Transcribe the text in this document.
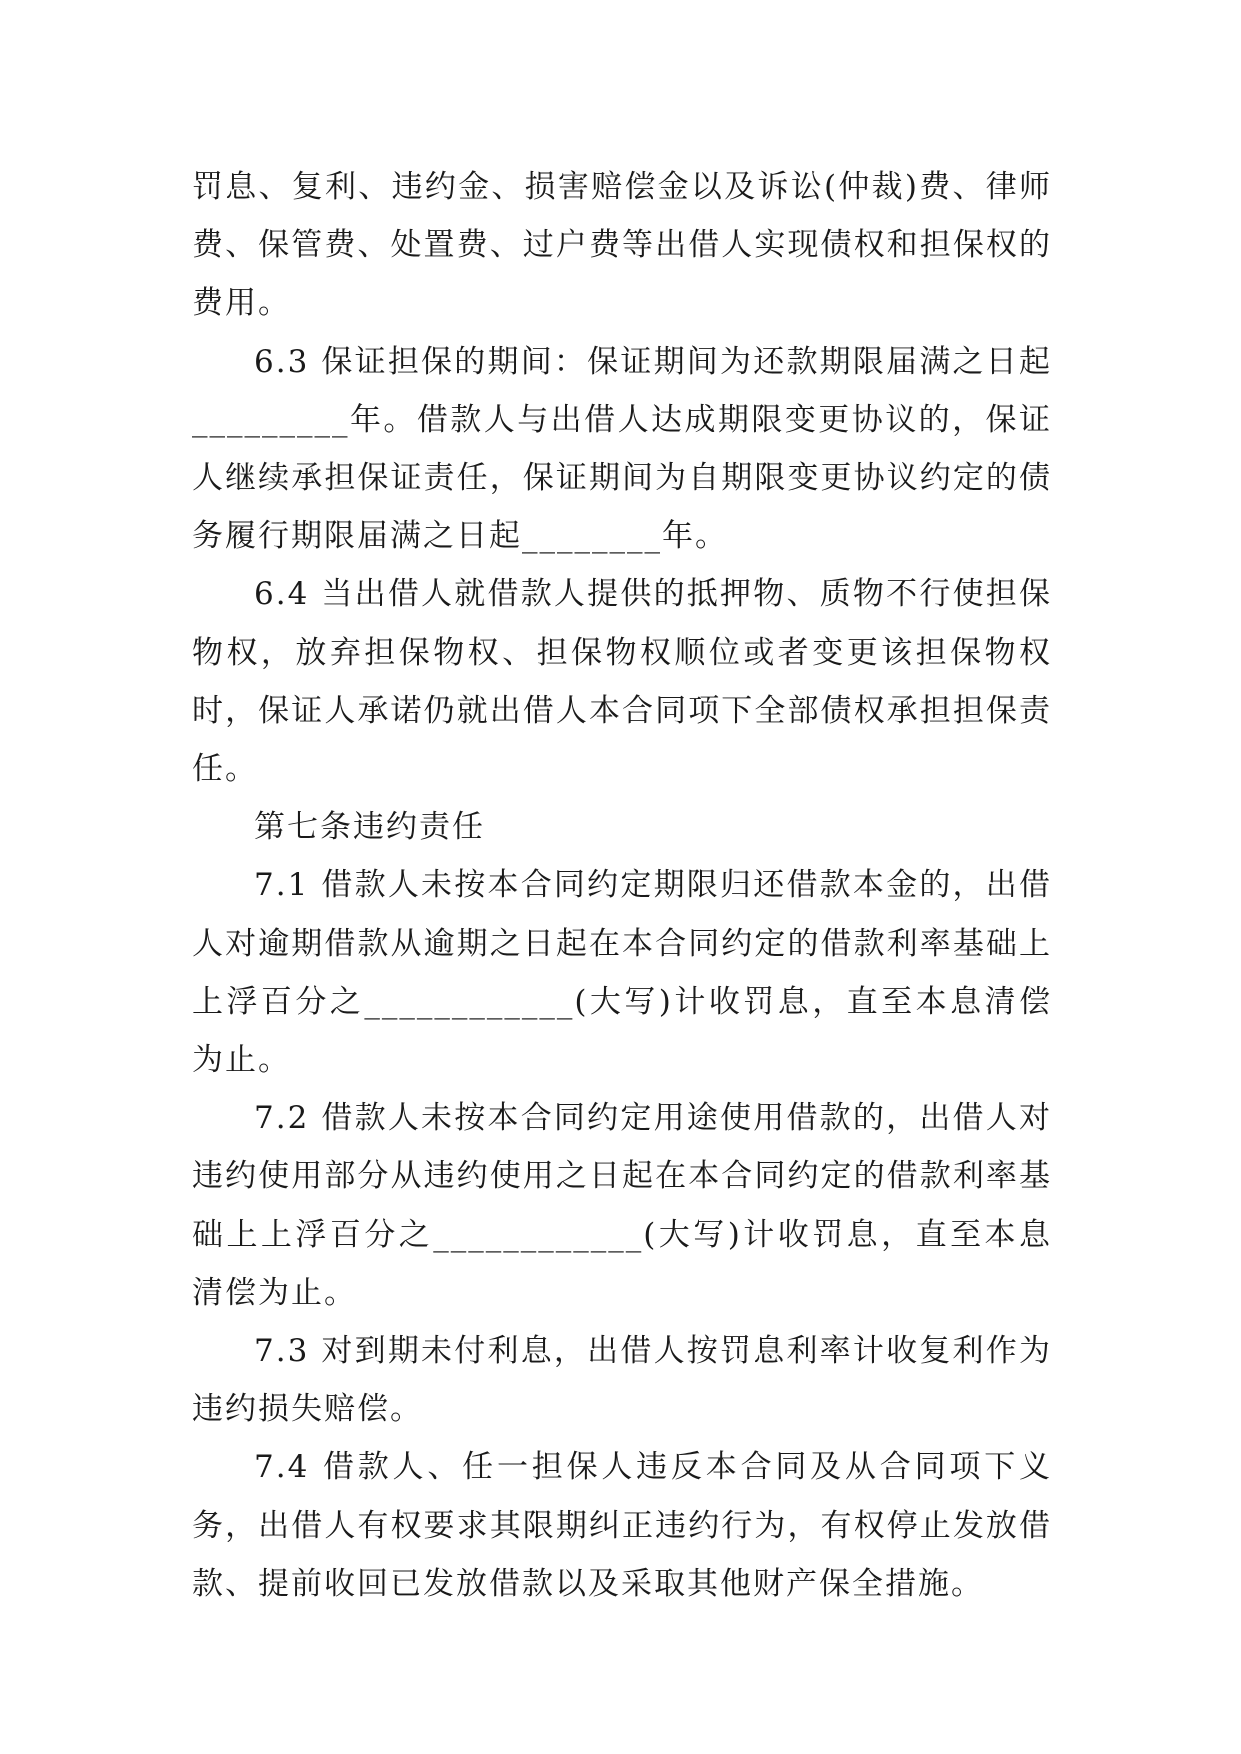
罚息、复利、违约金、损害赔偿金以及诉讼(仲裁)费、律师费、保管费、处置费、过户费等出借人实现债权和担保权的费用。

6.3 保证担保的期间：保证期间为还款期限届满之日起_________年。借款人与出借人达成期限变更协议的，保证人继续承担保证责任，保证期间为自期限变更协议约定的债务履行期限届满之日起________年。

6.4 当出借人就借款人提供的抵押物、质物不行使担保物权，放弃担保物权、担保物权顺位或者变更该担保物权时，保证人承诺仍就出借人本合同项下全部债权承担担保责任。

第七条违约责任

7.1 借款人未按本合同约定期限归还借款本金的，出借人对逾期借款从逾期之日起在本合同约定的借款利率基础上上浮百分之____________(大写)计收罚息，直至本息清偿为止。

7.2 借款人未按本合同约定用途使用借款的，出借人对违约使用部分从违约使用之日起在本合同约定的借款利率基础上上浮百分之____________(大写)计收罚息，直至本息清偿为止。

7.3 对到期未付利息，出借人按罚息利率计收复利作为违约损失赔偿。

7.4 借款人、任一担保人违反本合同及从合同项下义务，出借人有权要求其限期纠正违约行为，有权停止发放借款、提前收回已发放借款以及采取其他财产保全措施。
